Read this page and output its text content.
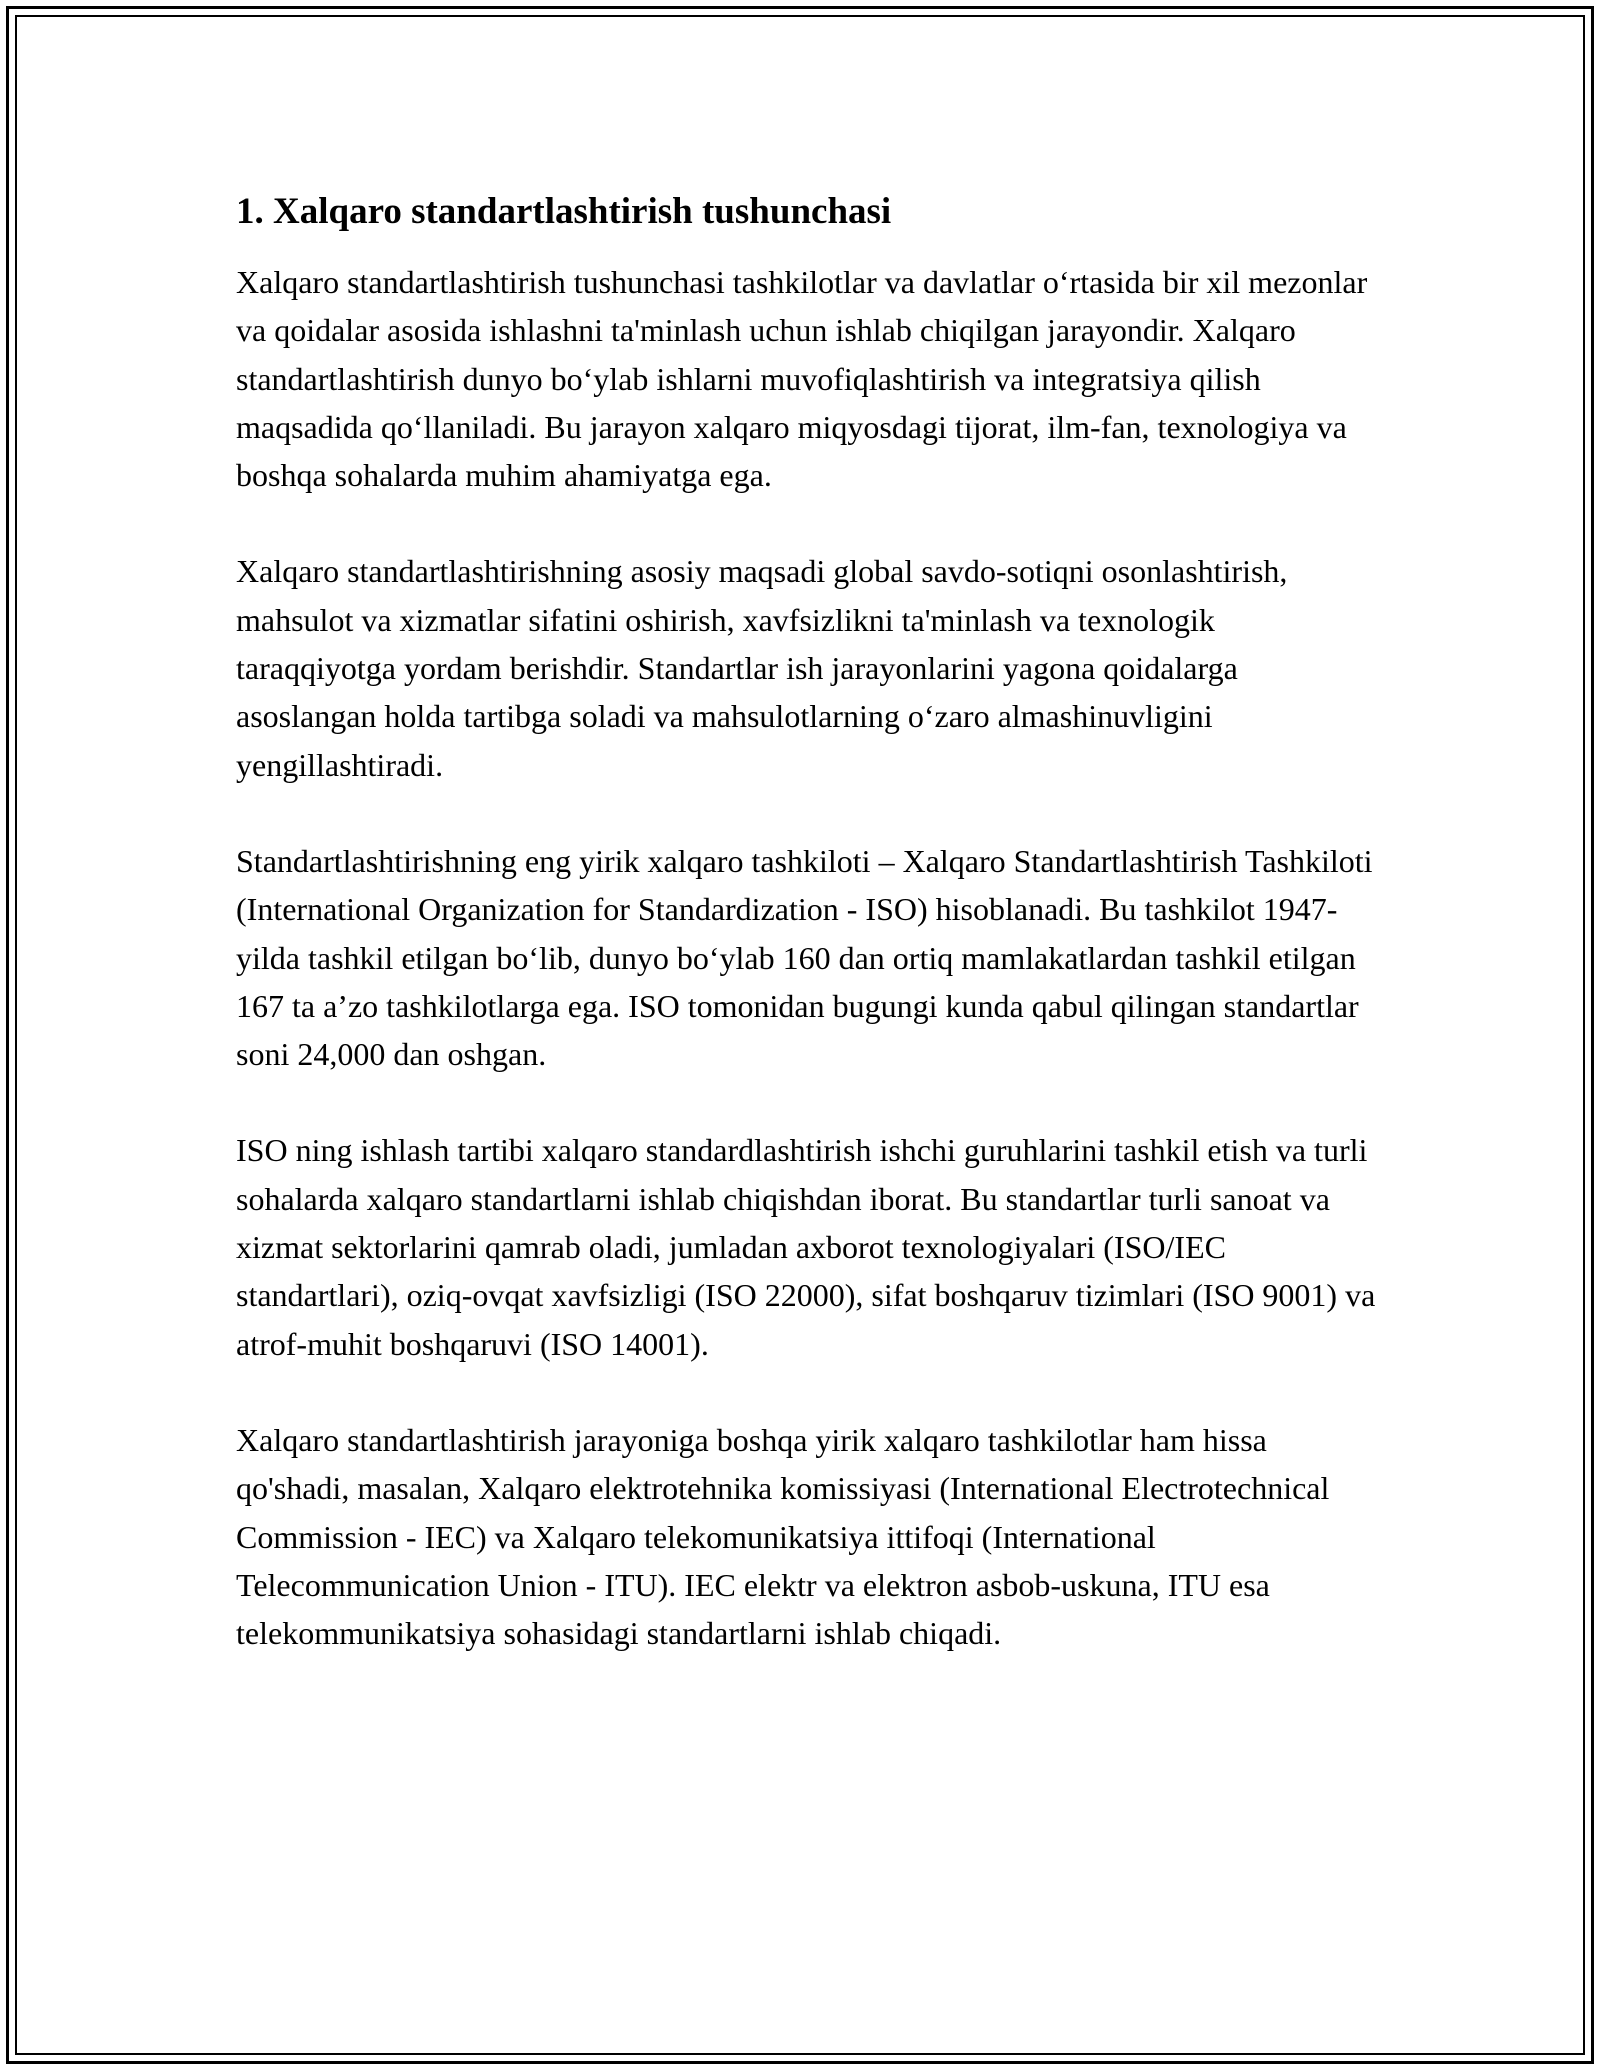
1. Xalqaro standartlashtirish tushunchasi

Xalqaro standartlashtirish tushunchasi tashkilotlar va davlatlar o‘rtasida bir xil mezonlar va qoidalar asosida ishlashni ta'minlash uchun ishlab chiqilgan jarayondir. Xalqaro standartlashtirish dunyo bo‘ylab ishlarni muvofiqlashtirish va integratsiya qilish maqsadida qo‘llaniladi. Bu jarayon xalqaro miqyosdagi tijorat, ilm-fan, texnologiya va boshqa sohalarda muhim ahamiyatga ega.

Xalqaro standartlashtirishning asosiy maqsadi global savdo-sotiqni osonlashtirish, mahsulot va xizmatlar sifatini oshirish, xavfsizlikni ta'minlash va texnologik taraqqiyotga yordam berishdir. Standartlar ish jarayonlarini yagona qoidalarga asoslangan holda tartibga soladi va mahsulotlarning o‘zaro almashinuvligini yengillashtiradi.

Standartlashtirishning eng yirik xalqaro tashkiloti – Xalqaro Standartlashtirish Tashkiloti (International Organization for Standardization - ISO) hisoblanadi. Bu tashkilot 1947-yilda tashkil etilgan bo‘lib, dunyo bo‘ylab 160 dan ortiq mamlakatlardan tashkil etilgan 167 ta a’zo tashkilotlarga ega. ISO tomonidan bugungi kunda qabul qilingan standartlar soni 24,000 dan oshgan.

ISO ning ishlash tartibi xalqaro standardlashtirish ishchi guruhlarini tashkil etish va turli sohalarda xalqaro standartlarni ishlab chiqishdan iborat. Bu standartlar turli sanoat va xizmat sektorlarini qamrab oladi, jumladan axborot texnologiyalari (ISO/IEC standartlari), oziq-ovqat xavfsizligi (ISO 22000), sifat boshqaruv tizimlari (ISO 9001) va atrof-muhit boshqaruvi (ISO 14001).

Xalqaro standartlashtirish jarayoniga boshqa yirik xalqaro tashkilotlar ham hissa qo'shadi, masalan, Xalqaro elektrotehnika komissiyasi (International Electrotechnical Commission - IEC) va Xalqaro telekomunikatsiya ittifoqi (International Telecommunication Union - ITU). IEC elektr va elektron asbob-uskuna, ITU esa telekommunikatsiya sohasidagi standartlarni ishlab chiqadi.
